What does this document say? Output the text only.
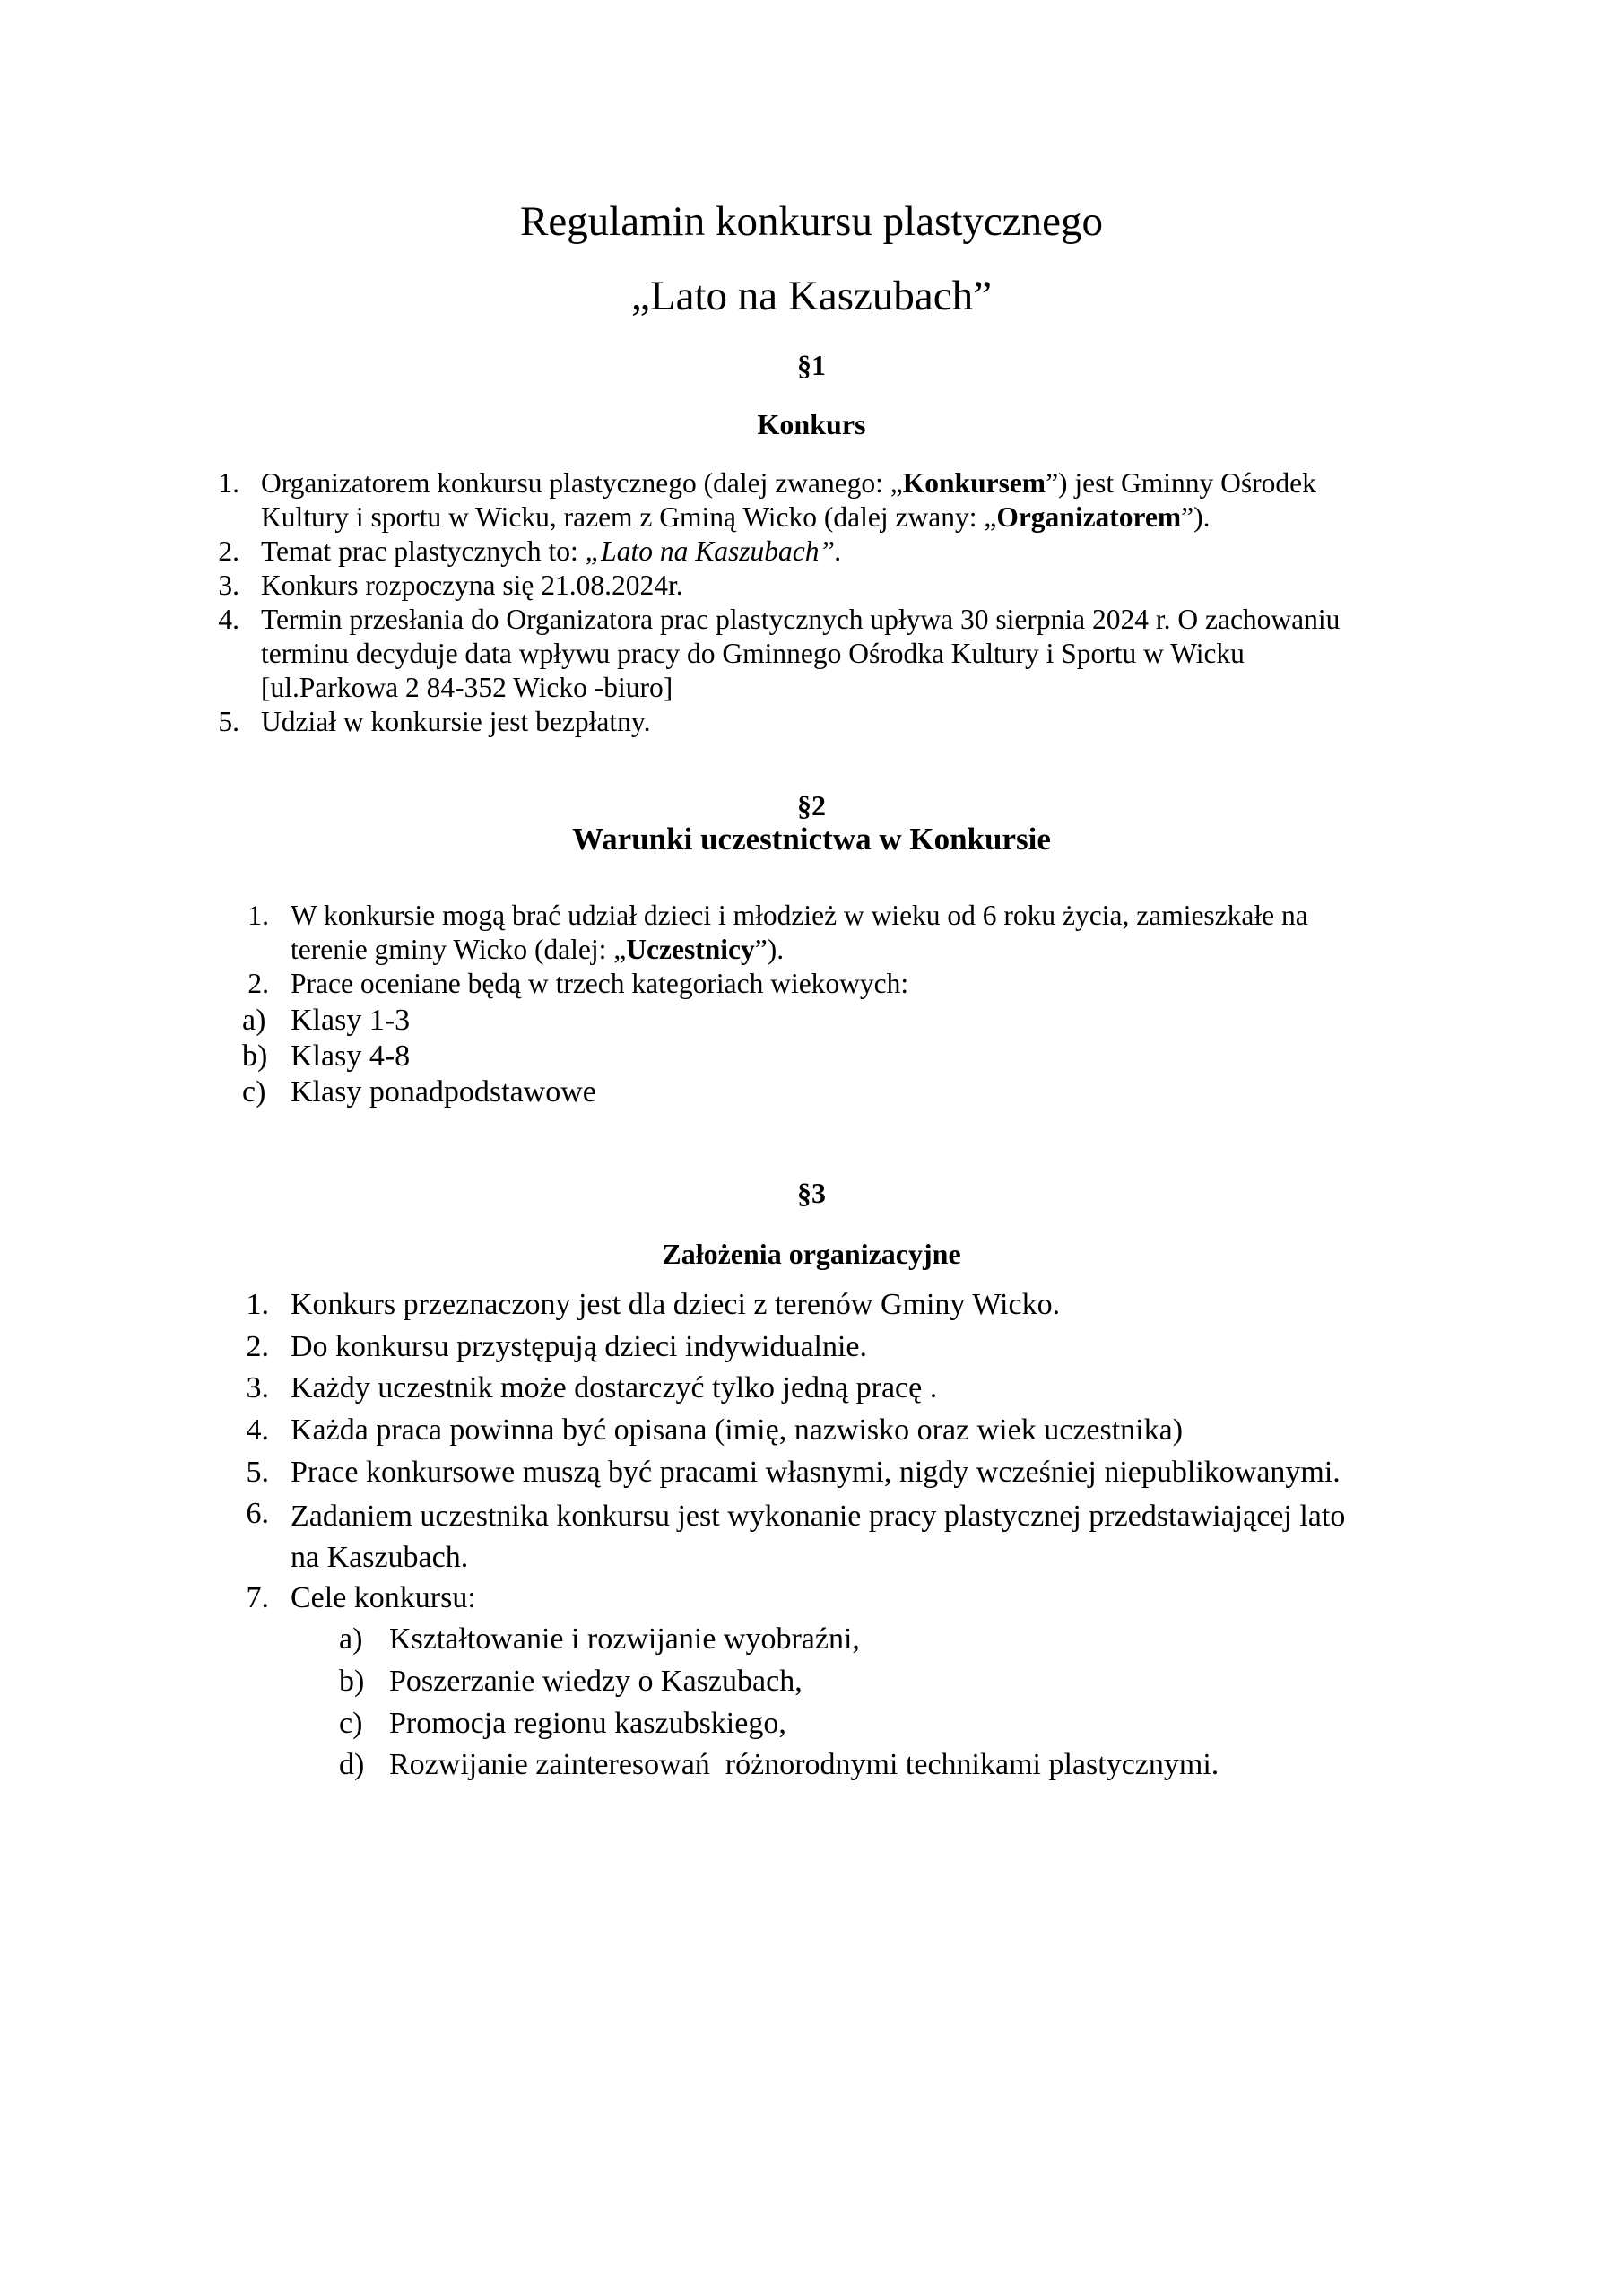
Regulamin konkursu plastycznego
„Lato na Kaszubach”
§1
Konkurs
1. Organizatorem konkursu plastycznego (dalej zwanego: „Konkursem”) jest Gminny Ośrodek
Kultury i sportu w Wicku, razem z Gminą Wicko (dalej zwany: „Organizatorem”).
2. Temat prac plastycznych to: „Lato na Kaszubach”.
3. Konkurs rozpoczyna się 21.08.2024r.
4. Termin przesłania do Organizatora prac plastycznych upływa 30 sierpnia 2024 r. O zachowaniu
terminu decyduje data wpływu pracy do Gminnego Ośrodka Kultury i Sportu w Wicku
[ul.Parkowa 2 84-352 Wicko -biuro]
5. Udział w konkursie jest bezpłatny.
§2
Warunki uczestnictwa w Konkursie
1. W konkursie mogą brać udział dzieci i młodzież w wieku od 6 roku życia, zamieszkałe na
terenie gminy Wicko (dalej: „Uczestnicy”).
2. Prace oceniane będą w trzech kategoriach wiekowych:
a) Klasy 1-3
b) Klasy 4-8
c) Klasy ponadpodstawowe
§3
Założenia organizacyjne
1. Konkurs przeznaczony jest dla dzieci z terenów Gminy Wicko.
2. Do konkursu przystępują dzieci indywidualnie.
3. Każdy uczestnik może dostarczyć tylko jedną pracę .
4. Każda praca powinna być opisana (imię, nazwisko oraz wiek uczestnika)
5. Prace konkursowe muszą być pracami własnymi, nigdy wcześniej niepublikowanymi.
6. Zadaniem uczestnika konkursu jest wykonanie pracy plastycznej przedstawiającej lato
na Kaszubach.
7. Cele konkursu:
a) Kształtowanie i rozwijanie wyobraźni,
b) Poszerzanie wiedzy o Kaszubach,
c) Promocja regionu kaszubskiego,
d) Rozwijanie zainteresowań  różnorodnymi technikami plastycznymi.
